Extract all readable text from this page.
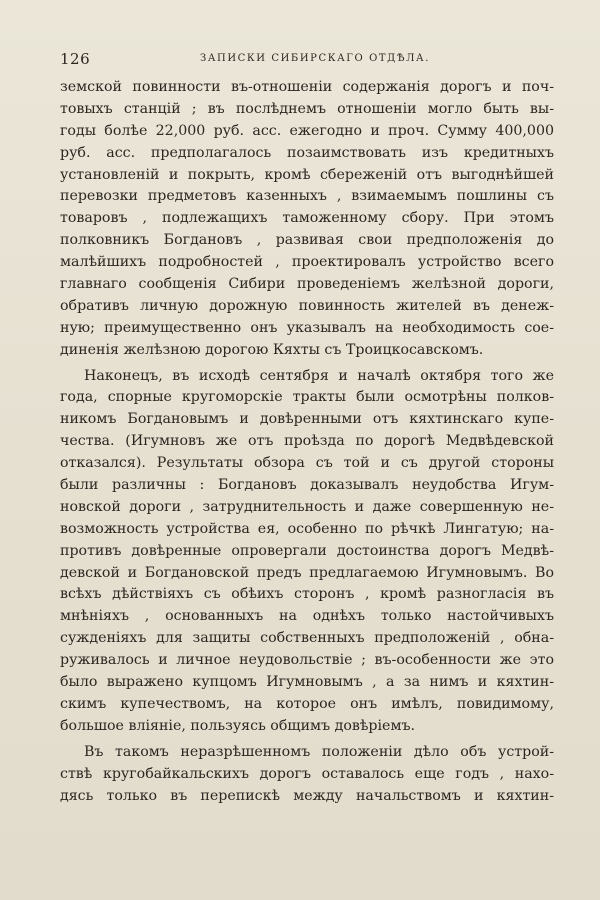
126	ЗАПИСКИ СИБИРСКАГО ОТДѢЛА.
земской повинности въ-отношеніи содержанія дорогъ и поч-
товыхъ станцій ; въ послѣднемъ отношеніи могло быть вы-
годы болѣе 22,000 руб. асс. ежегодно и проч. Сумму 400,000
руб. асс. предполагалось позаимствовать изъ кредитныхъ
установленій и покрыть, кромѣ сбереженій отъ выгоднѣйшей
перевозки предметовъ казенныхъ , взимаемымъ пошлины съ
товаровъ , подлежащихъ таможенному сбору. При этомъ
полковникъ Богдановъ , развивая свои предположенія до
малѣйшихъ подробностей , проектировалъ устройство всего
главнаго сообщенія Сибири проведеніемъ желѣзной дороги,
обративъ личную дорожную повинность жителей въ денеж-
ную; преимущественно онъ указывалъ на необходимость сое-
диненія желѣзною дорогою Кяхты съ Троицкосавскомъ.
Наконецъ, въ исходѣ сентября и началѣ октября того же
года, спорные кругоморскіе тракты были осмотрѣны полков-
никомъ Богдановымъ и довѣренными отъ кяхтинскаго купе-
чества. (Игумновъ же отъ проѣзда по дорогѣ Медвѣдевской
отказался). Результаты обзора съ той и съ другой стороны
были различны : Богдановъ доказывалъ неудобства Игум-
новской дороги , затруднительность и даже совершенную не-
возможность устройства ея, особенно по рѣчкѣ Лингатую; на-
противъ довѣренные опровергали достоинства дорогъ Медвѣ-
девской и Богдановской предъ предлагаемою Игумновымъ. Во
всѣхъ дѣйствіяхъ съ обѣихъ сторонъ , кромѣ разногласія въ
мнѣніяхъ , основанныхъ на однѣхъ только настойчивыхъ
сужденіяхъ для защиты собственныхъ предположеній , обна-
руживалось и личное неудовольствіе ; въ-особенности же это
было выражено купцомъ Игумновымъ , а за нимъ и кяхтин-
скимъ купечествомъ, на которое онъ имѣлъ, повидимому,
большое вліяніе, пользуясь общимъ довѣріемъ.
Въ такомъ неразрѣшенномъ положеніи дѣло объ устрой-
ствѣ кругобайкальскихъ дорогъ оставалось еще годъ , нахо-
дясь только въ перепискѣ между начальствомъ и кяхтин-
